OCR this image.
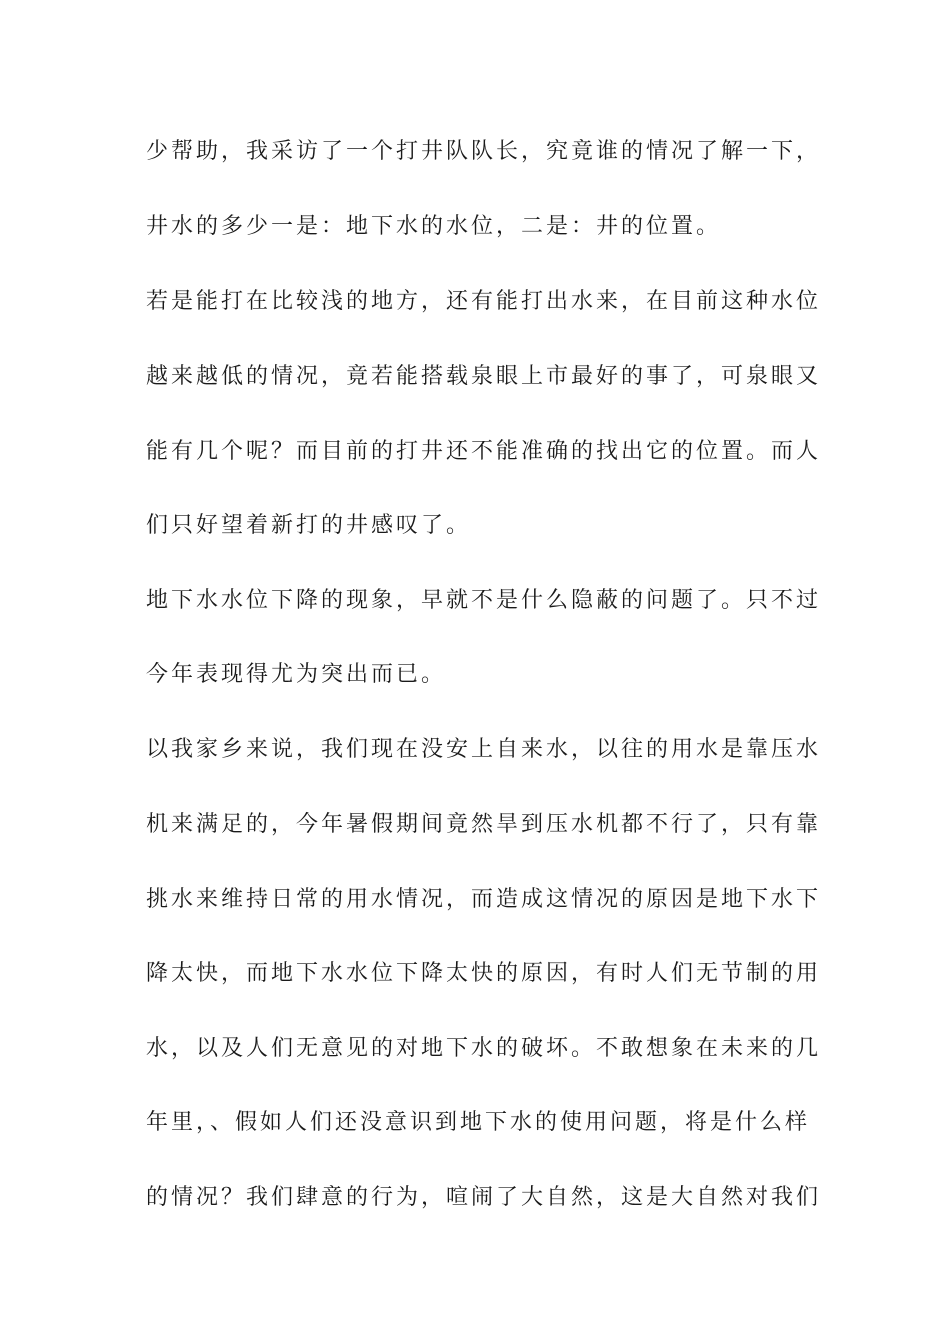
少帮助，我采访了一个打井队队长，究竟谁的情况了解一下，
井水的多少一是：地下水的水位，二是：井的位置。
若是能打在比较浅的地方，还有能打出水来，在目前这种水位
越来越低的情况，竟若能搭载泉眼上市最好的事了，可泉眼又
能有几个呢？而目前的打井还不能准确的找出它的位置。而人
们只好望着新打的井感叹了。
地下水水位下降的现象，早就不是什么隐蔽的问题了。只不过
今年表现得尤为突出而已。
以我家乡来说，我们现在没安上自来水，以往的用水是靠压水
机来满足的，今年暑假期间竟然旱到压水机都不行了，只有靠
挑水来维持日常的用水情况，而造成这情况的原因是地下水下
降太快，而地下水水位下降太快的原因，有时人们无节制的用
水，以及人们无意见的对地下水的破坏。不敢想象在未来的几
年里，、假如人们还没意识到地下水的使用问题，将是什么样
的情况？我们肆意的行为，喧闹了大自然，这是大自然对我们
